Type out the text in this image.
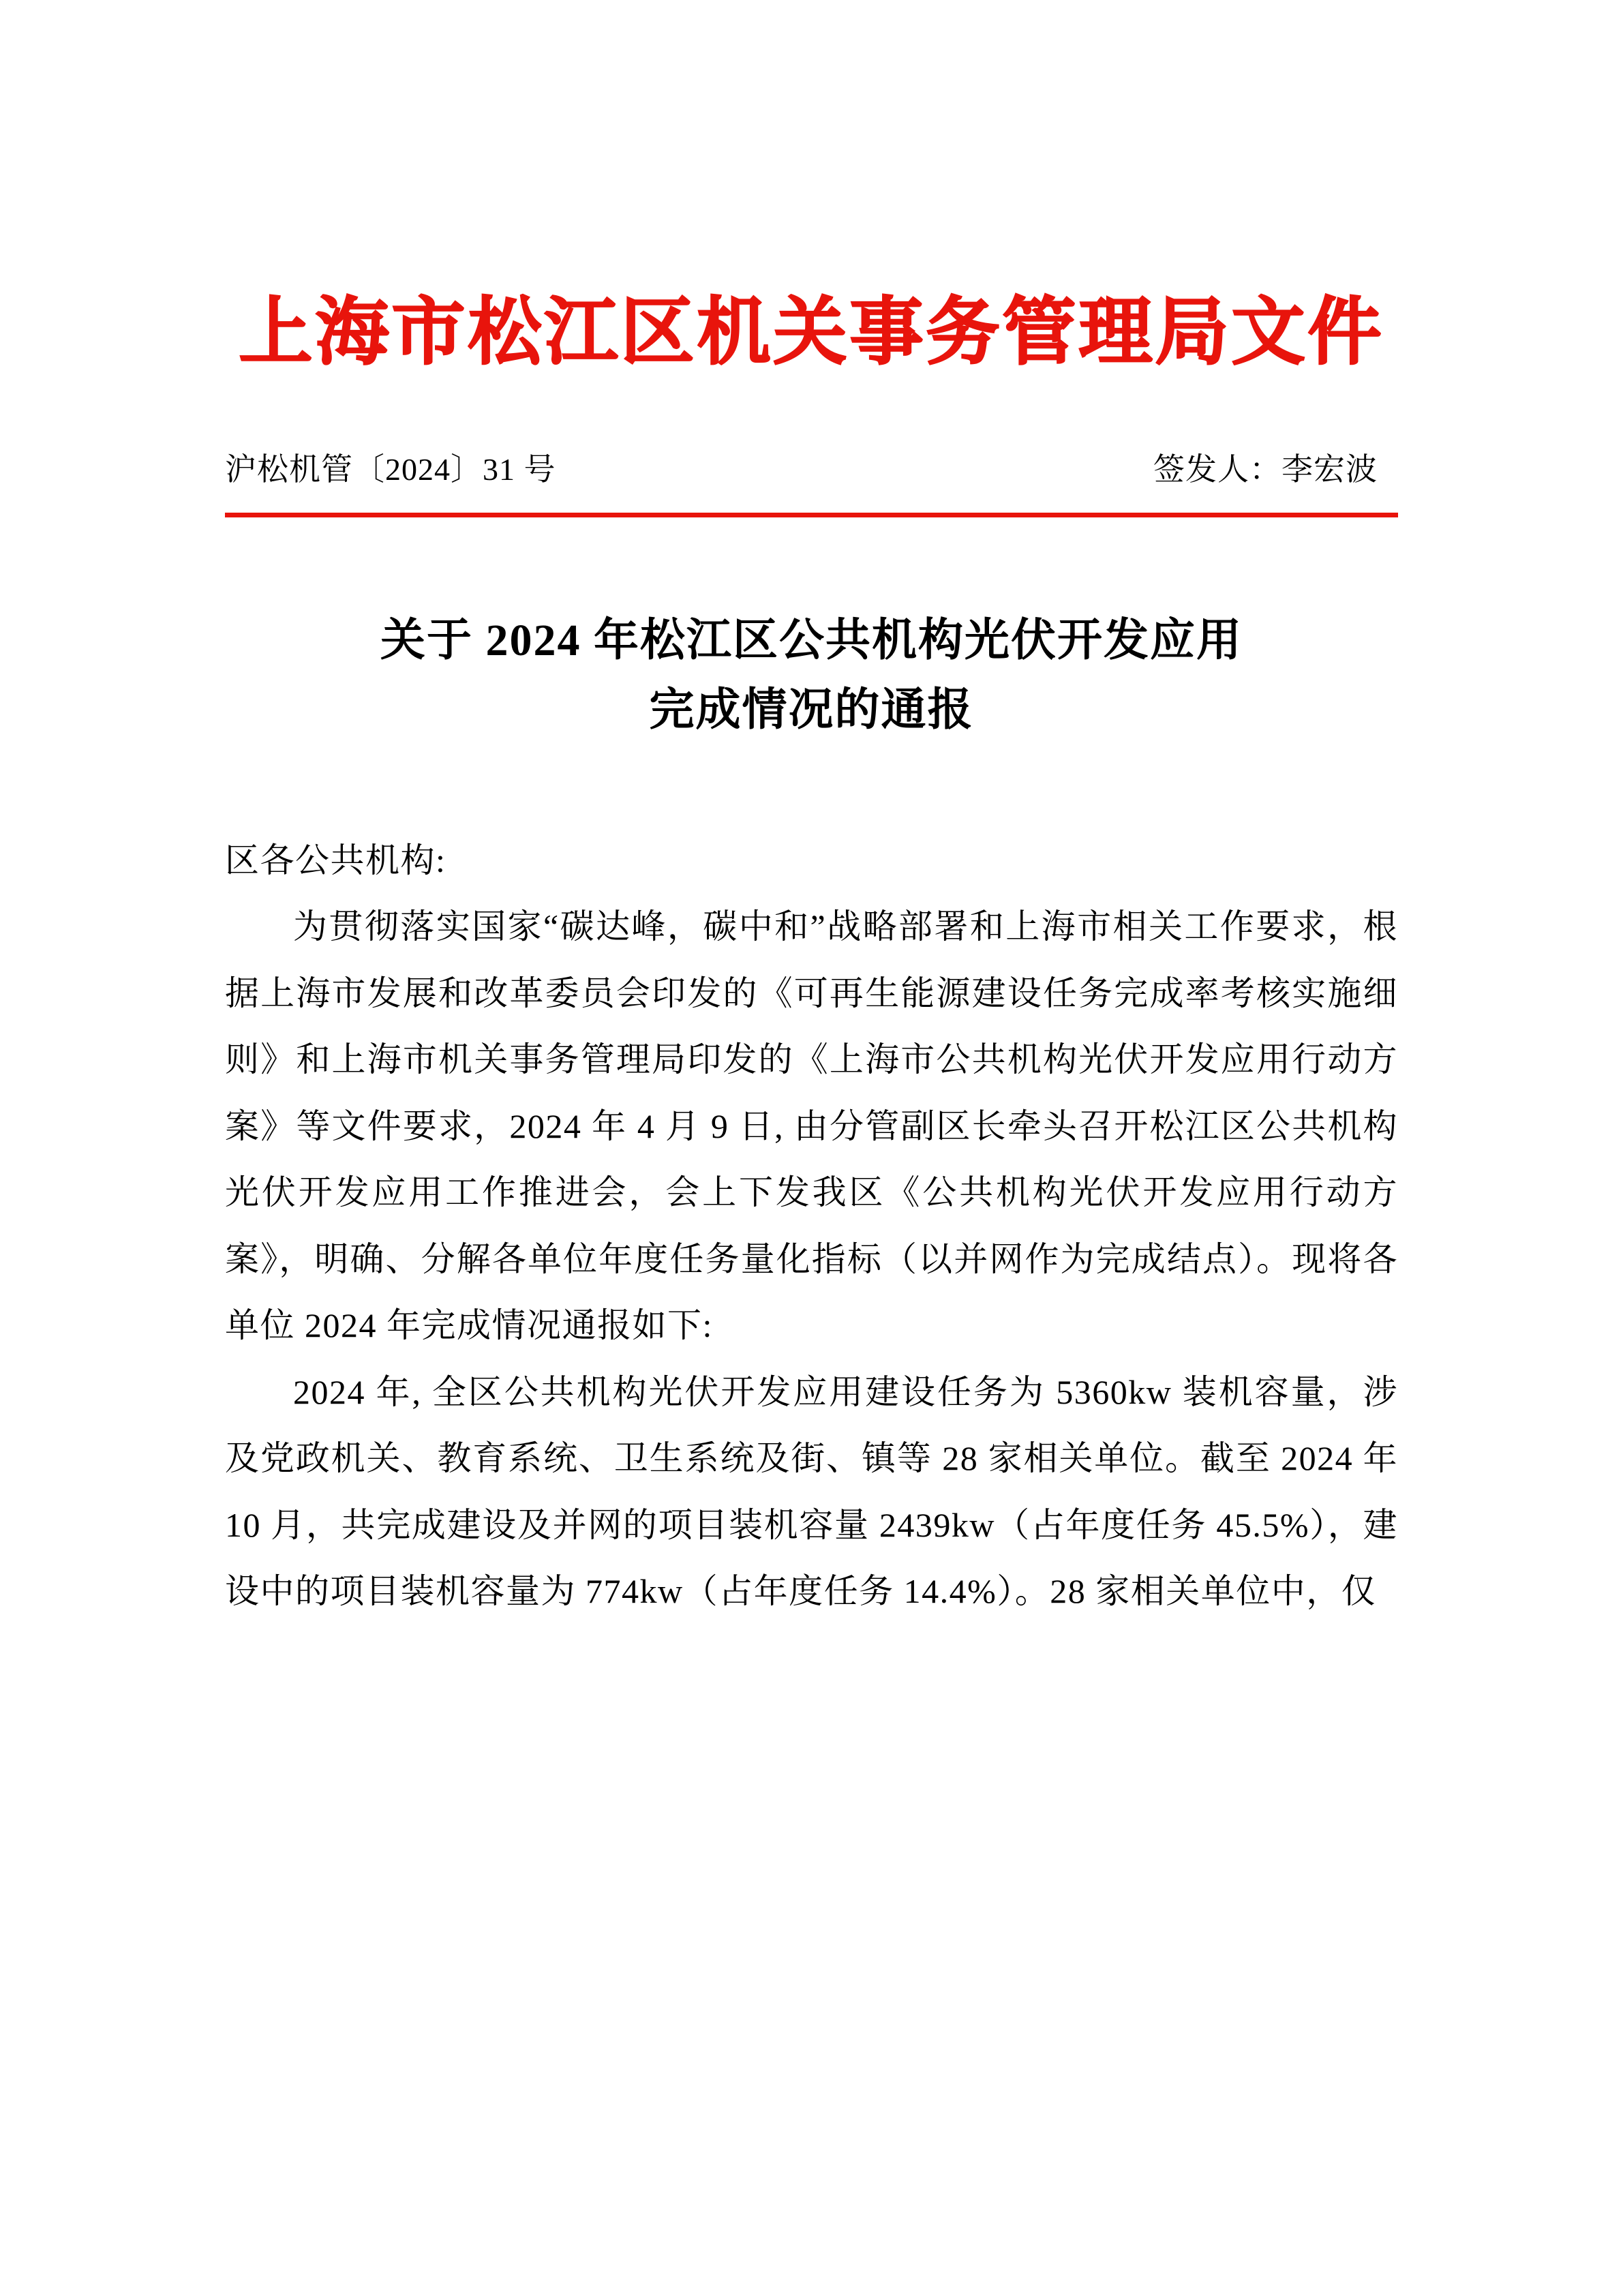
上海市松江区机关事务管理局文件
沪松机管〔2024〕31 号	签发人：李宏波
关于 2024 年松江区公共机构光伏开发应用
完成情况的通报

区各公共机构:

为贯彻落实国家“碳达峰，碳中和”战略部署和上海市相关工作要求，根据上海市发展和改革委员会印发的《可再生能源建设任务完成率考核实施细则》和上海市机关事务管理局印发的《上海市公共机构光伏开发应用行动方案》等文件要求，2024 年 4 月 9 日, 由分管副区长牵头召开松江区公共机构光伏开发应用工作推进会，会上下发我区《公共机构光伏开发应用行动方案》，明确、分解各单位年度任务量化指标（以并网作为完成结点）。现将各单位 2024 年完成情况通报如下:

2024 年, 全区公共机构光伏开发应用建设任务为 5360kw 装机容量，涉及党政机关、教育系统、卫生系统及街、镇等 28 家相关单位。截至 2024 年 10 月，共完成建设及并网的项目装机容量 2439kw（占年度任务 45.5%），建设中的项目装机容量为 774kw（占年度任务 14.4%）。28 家相关单位中，仅
